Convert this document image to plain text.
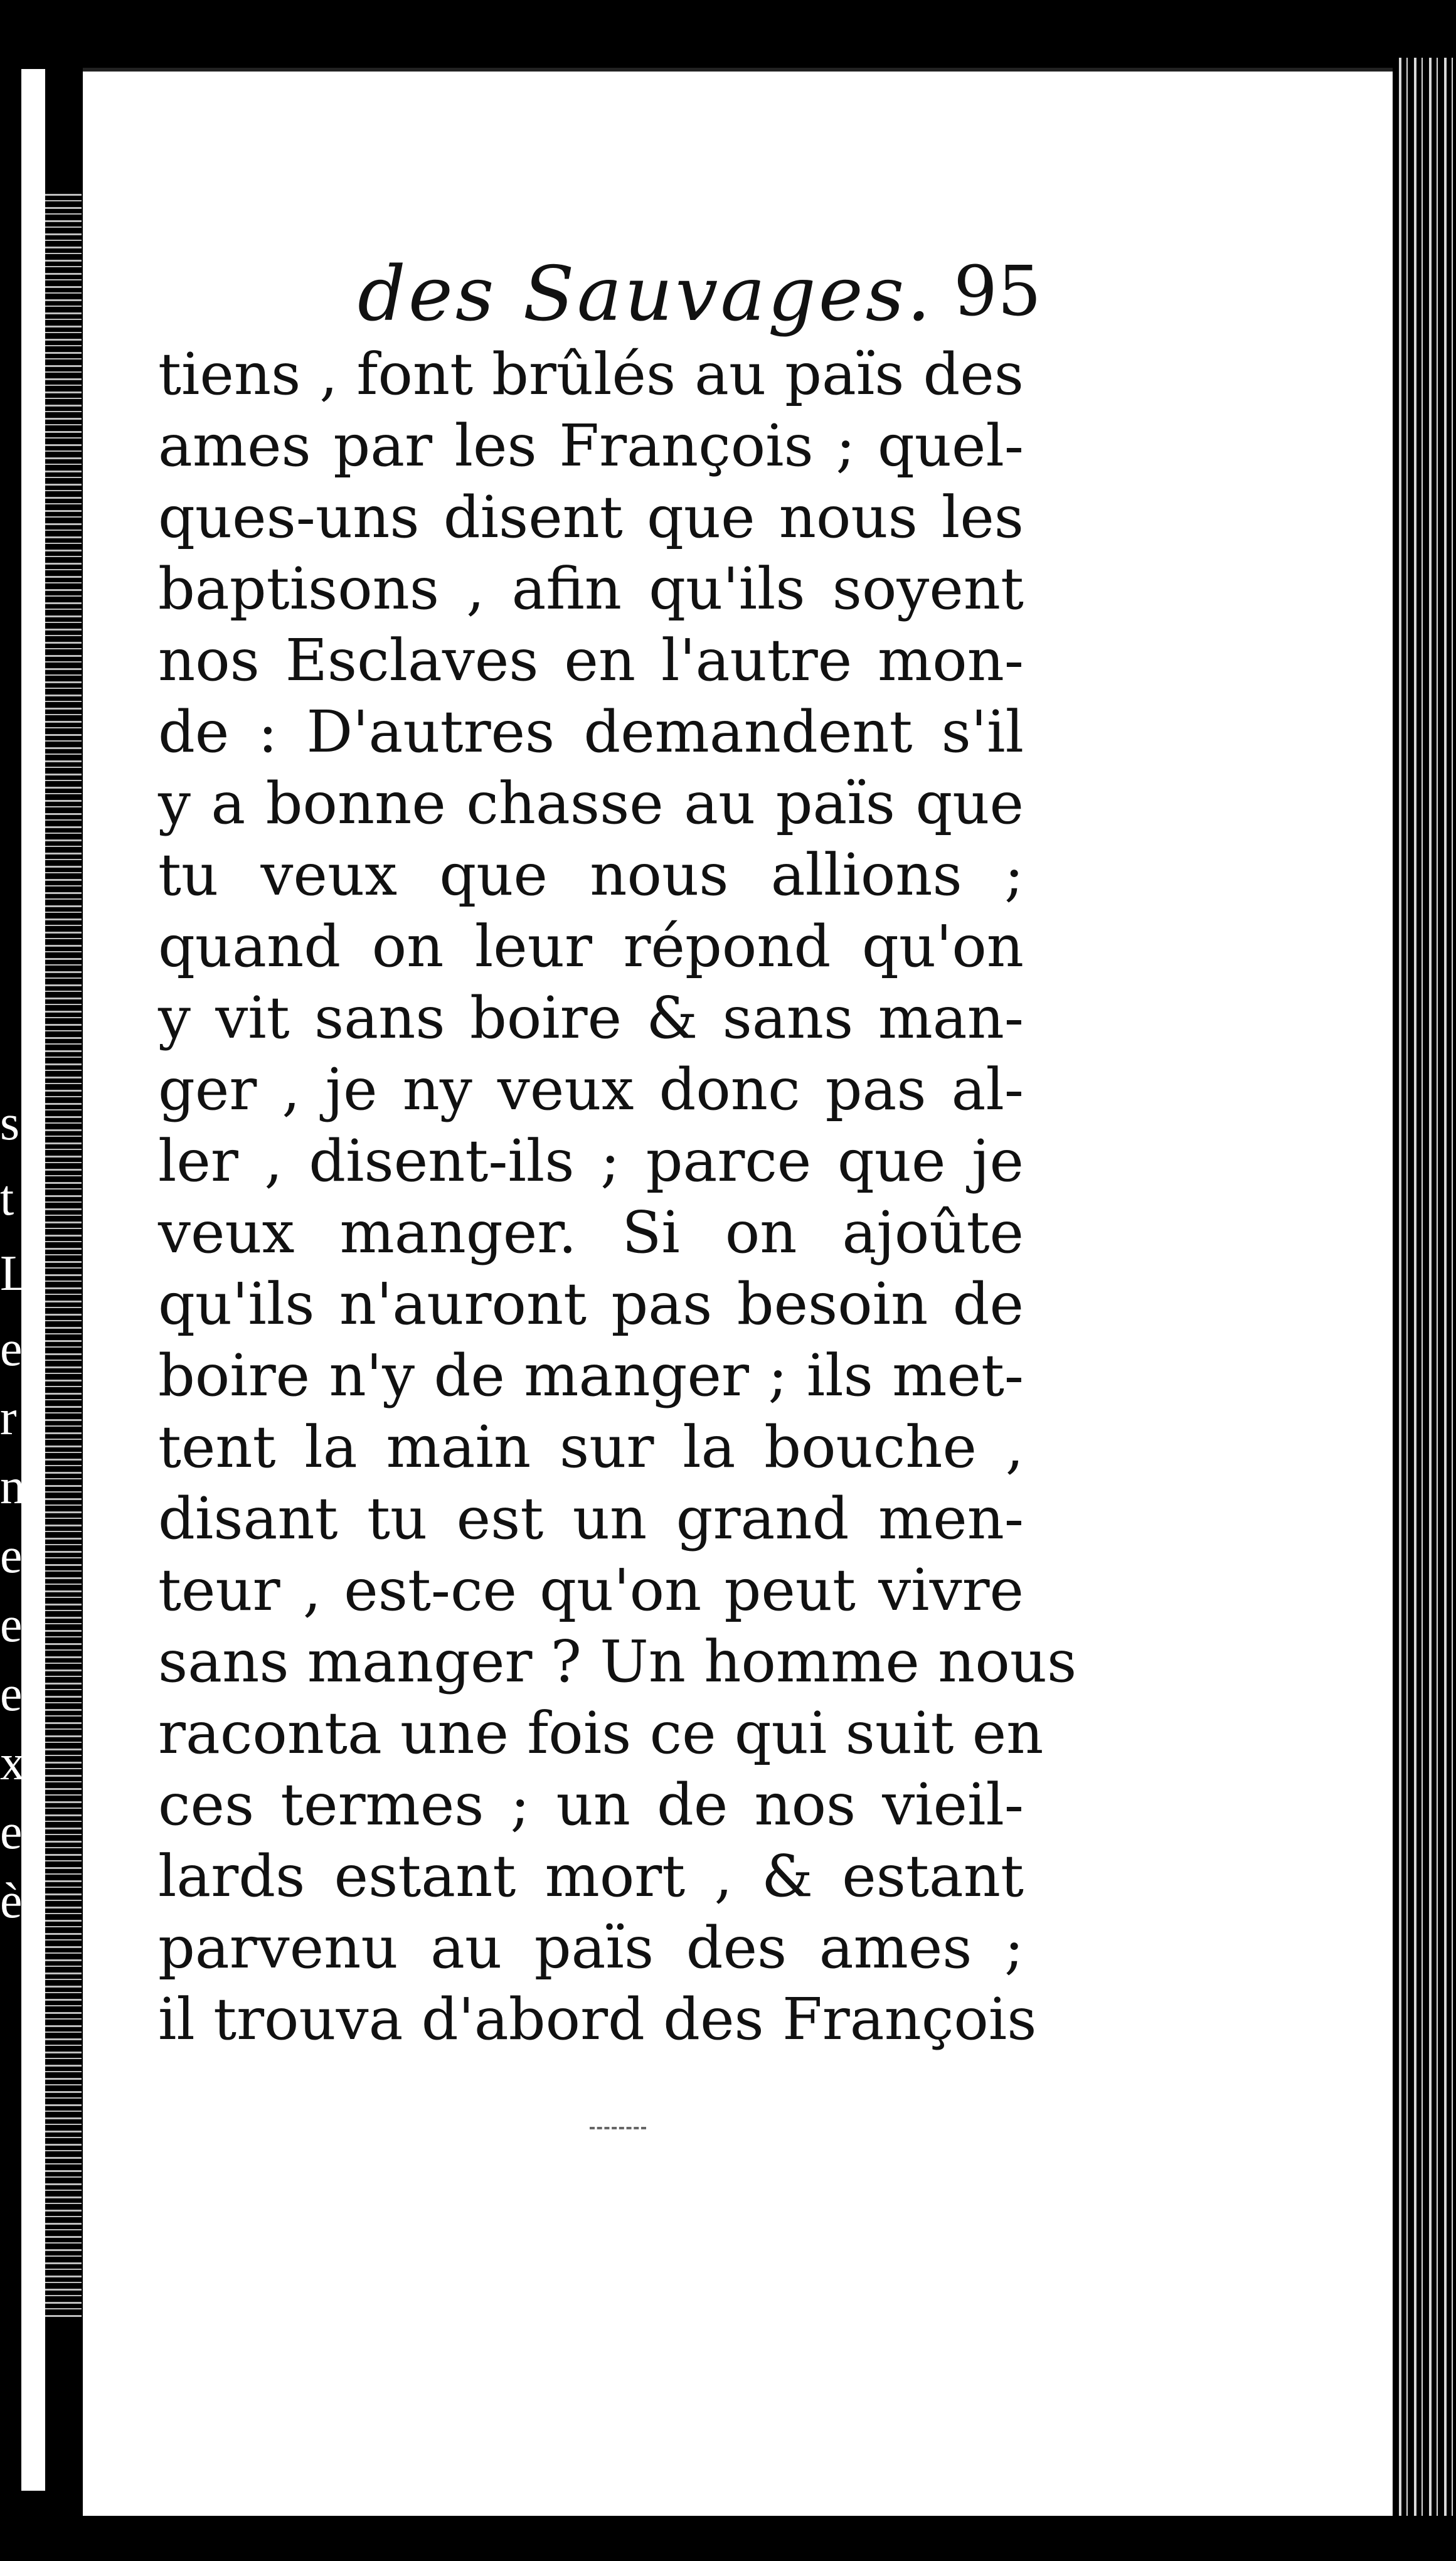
s
t
L
e
r
n
es
e.
e.
x
es
è.
des Sauvages. 95
tiens , font brûlés au païs des
ames par les François ; quel-
ques-uns disent que nous les
baptisons , afin qu'ils soyent
nos Esclaves en l'autre mon-
de : D'autres demandent s'il
y a bonne chasse au païs que
tu veux que nous allions ;
quand on leur répond qu'on
y vit sans boire & sans man-
ger , je ny veux donc pas al-
ler , disent-ils ; parce que je
veux manger. Si on ajoûte
qu'ils n'auront pas besoin de
boire n'y de manger ; ils met-
tent la main sur la bouche ,
disant tu est un grand men-
teur , est-ce qu'on peut vivre
sans manger ? Un homme nous
raconta une fois ce qui suit en
ces termes ; un de nos vieil-
lards estant mort , & estant
parvenu au païs des ames ;
il trouva d'abord des François
